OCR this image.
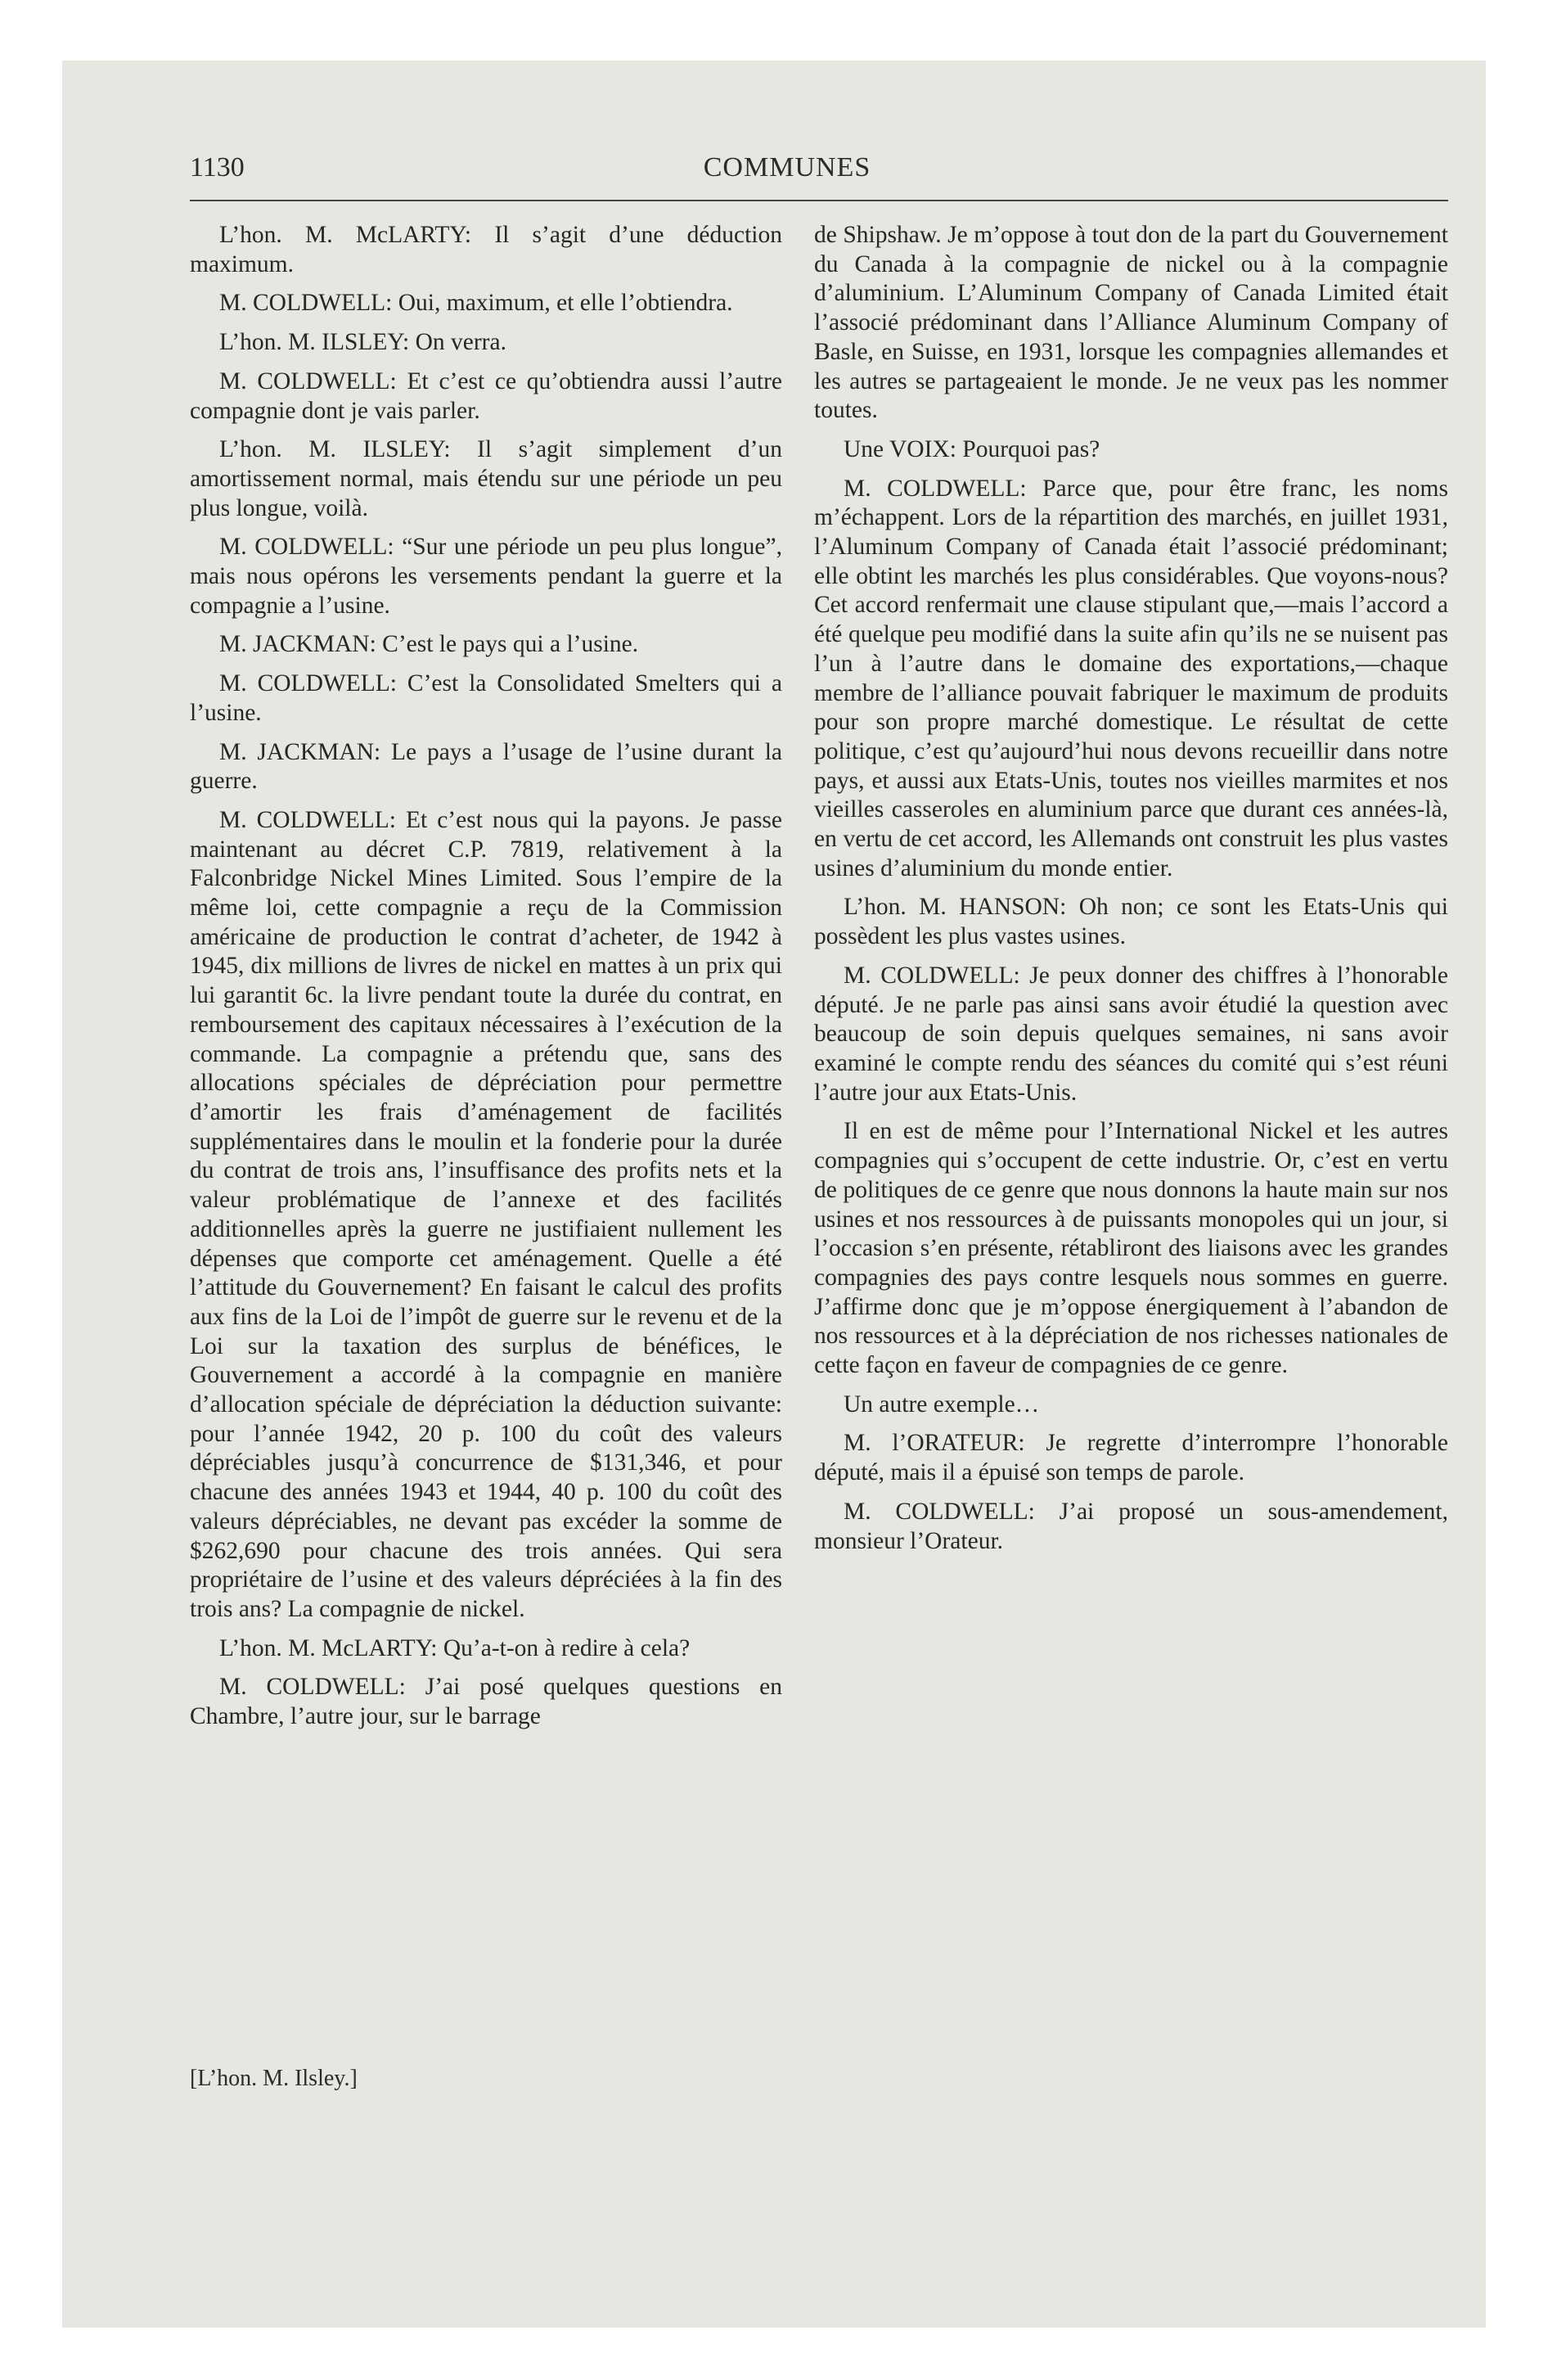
1130	COMMUNES

L’hon. M. McLARTY: Il s’agit d’une déduction maximum.

M. COLDWELL: Oui, maximum, et elle l’obtiendra.

L’hon. M. ILSLEY: On verra.

M. COLDWELL: Et c’est ce qu’obtiendra aussi l’autre compagnie dont je vais parler.

L’hon. M. ILSLEY: Il s’agit simplement d’un amortissement normal, mais étendu sur une période un peu plus longue, voilà.

M. COLDWELL: “Sur une période un peu plus longue”, mais nous opérons les versements pendant la guerre et la compagnie a l’usine.

M. JACKMAN: C’est le pays qui a l’usine.

M. COLDWELL: C’est la Consolidated Smelters qui a l’usine.

M. JACKMAN: Le pays a l’usage de l’usine durant la guerre.

M. COLDWELL: Et c’est nous qui la payons. Je passe maintenant au décret C.P. 7819, relativement à la Falconbridge Nickel Mines Limited. Sous l’empire de la même loi, cette compagnie a reçu de la Commission américaine de production le contrat d’acheter, de 1942 à 1945, dix millions de livres de nickel en mattes à un prix qui lui garantit 6c. la livre pendant toute la durée du contrat, en remboursement des capitaux nécessaires à l’exécution de la commande. La compagnie a prétendu que, sans des allocations spéciales de dépréciation pour permettre d’amortir les frais d’aménagement de facilités supplémentaires dans le moulin et la fonderie pour la durée du contrat de trois ans, l’insuffisance des profits nets et la valeur problématique de l’annexe et des facilités additionnelles après la guerre ne justifiaient nullement les dépenses que comporte cet aménagement. Quelle a été l’attitude du Gouvernement? En faisant le calcul des profits aux fins de la Loi de l’impôt de guerre sur le revenu et de la Loi sur la taxation des surplus de bénéfices, le Gouvernement a accordé à la compagnie en manière d’allocation spéciale de dépréciation la déduction suivante: pour l’année 1942, 20 p. 100 du coût des valeurs dépréciables jusqu’à concurrence de $131,346, et pour chacune des années 1943 et 1944, 40 p. 100 du coût des valeurs dépréciables, ne devant pas excéder la somme de $262,690 pour chacune des trois années. Qui sera propriétaire de l’usine et des valeurs dépréciées à la fin des trois ans? La compagnie de nickel.

L’hon. M. McLARTY: Qu’a-t-on à redire à cela?

M. COLDWELL: J’ai posé quelques questions en Chambre, l’autre jour, sur le barrage

de Shipshaw. Je m’oppose à tout don de la part du Gouvernement du Canada à la compagnie de nickel ou à la compagnie d’aluminium. L’Aluminum Company of Canada Limited était l’associé prédominant dans l’Alliance Aluminum Company of Basle, en Suisse, en 1931, lorsque les compagnies allemandes et les autres se partageaient le monde. Je ne veux pas les nommer toutes.

Une VOIX: Pourquoi pas?

M. COLDWELL: Parce que, pour être franc, les noms m’échappent. Lors de la répartition des marchés, en juillet 1931, l’Aluminum Company of Canada était l’associé prédominant; elle obtint les marchés les plus considérables. Que voyons-nous? Cet accord renfermait une clause stipulant que,—mais l’accord a été quelque peu modifié dans la suite afin qu’ils ne se nuisent pas l’un à l’autre dans le domaine des exportations,—chaque membre de l’alliance pouvait fabriquer le maximum de produits pour son propre marché domestique. Le résultat de cette politique, c’est qu’aujourd’hui nous devons recueillir dans notre pays, et aussi aux Etats-Unis, toutes nos vieilles marmites et nos vieilles casseroles en aluminium parce que durant ces années-là, en vertu de cet accord, les Allemands ont construit les plus vastes usines d’aluminium du monde entier.

L’hon. M. HANSON: Oh non; ce sont les Etats-Unis qui possèdent les plus vastes usines.

M. COLDWELL: Je peux donner des chiffres à l’honorable député. Je ne parle pas ainsi sans avoir étudié la question avec beaucoup de soin depuis quelques semaines, ni sans avoir examiné le compte rendu des séances du comité qui s’est réuni l’autre jour aux Etats-Unis.

Il en est de même pour l’International Nickel et les autres compagnies qui s’occupent de cette industrie. Or, c’est en vertu de politiques de ce genre que nous donnons la haute main sur nos usines et nos ressources à de puissants monopoles qui un jour, si l’occasion s’en présente, rétabliront des liaisons avec les grandes compagnies des pays contre lesquels nous sommes en guerre. J’affirme donc que je m’oppose énergiquement à l’abandon de nos ressources et à la dépréciation de nos richesses nationales de cette façon en faveur de compagnies de ce genre.

Un autre exemple…

M. l’ORATEUR: Je regrette d’interrompre l’honorable député, mais il a épuisé son temps de parole.

M. COLDWELL: J’ai proposé un sous-amendement, monsieur l’Orateur.

[L’hon. M. Ilsley.]
